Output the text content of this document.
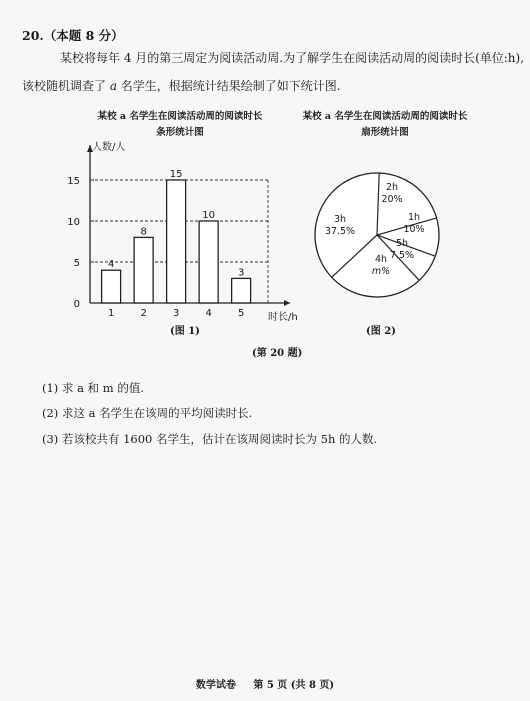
20.（本题 8 分）
某校将每年 4 月的第三周定为阅读活动周.为了解学生在阅读活动周的阅读时长(单位:h),
该校随机调查了 a 名学生，根据统计结果绘制了如下统计图.
某校 a 名学生在阅读活动周的阅读时长
条形统计图
某校 a 名学生在阅读活动周的阅读时长
扇形统计图
人数/人
时长/h
0
5
10
15
4
1
8
2
15
3
10
4
3
5
2h
20%
1h
10%
5h
7.5%
4h
m%
3h
37.5%
(图 1)	(图 2)
(第 20 题)
(1) 求 a 和 m 的值.
(2) 求这 a 名学生在该周的平均阅读时长.
(3) 若该校共有 1600 名学生，估计在该周阅读时长为 5h 的人数.
数学试卷 第 5 页 (共 8 页)
